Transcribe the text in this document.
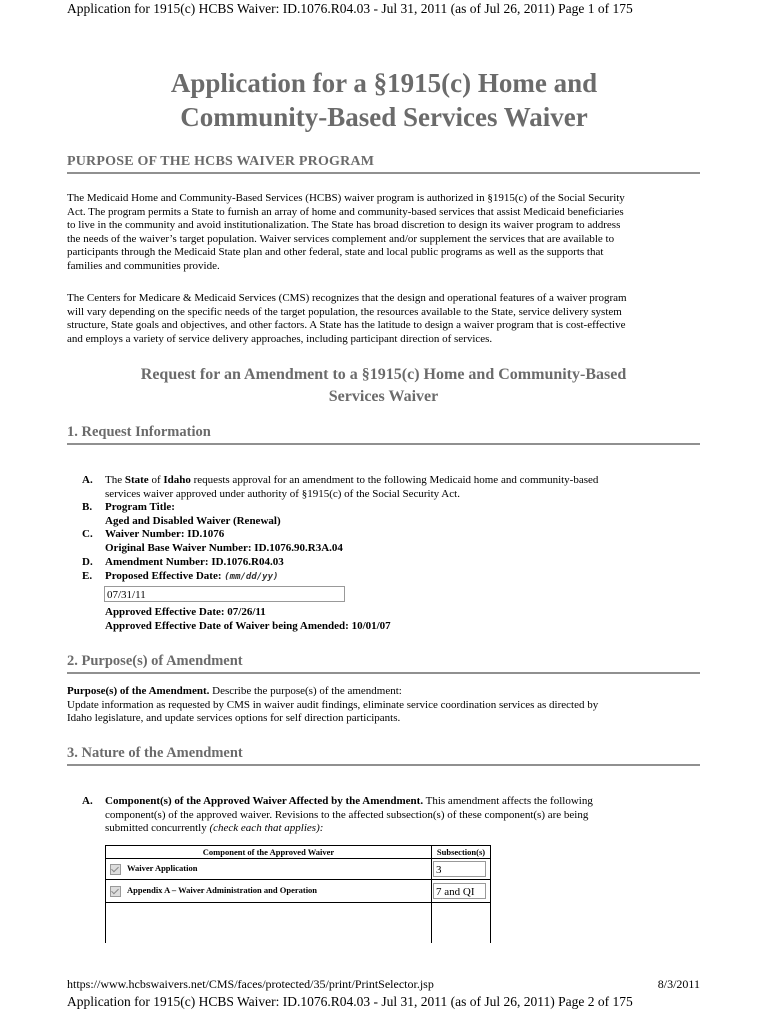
Application for 1915(c) HCBS Waiver: ID.1076.R04.03 - Jul 31, 2011 (as of Jul 26, 2011) Page 1 of 175
Application for a §1915(c) Home and
Community-Based Services Waiver
PURPOSE OF THE HCBS WAIVER PROGRAM
The Medicaid Home and Community-Based Services (HCBS) waiver program is authorized in §1915(c) of the Social Security
Act. The program permits a State to furnish an array of home and community-based services that assist Medicaid beneficiaries
to live in the community and avoid institutionalization. The State has broad discretion to design its waiver program to address
the needs of the waiver’s target population. Waiver services complement and/or supplement the services that are available to
participants through the Medicaid State plan and other federal, state and local public programs as well as the supports that
families and communities provide.
The Centers for Medicare & Medicaid Services (CMS) recognizes that the design and operational features of a waiver program
will vary depending on the specific needs of the target population, the resources available to the State, service delivery system
structure, State goals and objectives, and other factors. A State has the latitude to design a waiver program that is cost-effective
and employs a variety of service delivery approaches, including participant direction of services.
Request for an Amendment to a §1915(c) Home and Community-Based
Services Waiver
1. Request Information
A. The State of Idaho requests approval for an amendment to the following Medicaid home and community-based
services waiver approved under authority of §1915(c) of the Social Security Act.
B. Program Title:
Aged and Disabled Waiver (Renewal)
C. Waiver Number: ID.1076
Original Base Waiver Number: ID.1076.90.R3A.04
D. Amendment Number: ID.1076.R04.03
E. Proposed Effective Date: (mm/dd/yy)
07/31/11
Approved Effective Date: 07/26/11
Approved Effective Date of Waiver being Amended: 10/01/07
2. Purpose(s) of Amendment
Purpose(s) of the Amendment. Describe the purpose(s) of the amendment:
Update information as requested by CMS in waiver audit findings, eliminate service coordination services as directed by
Idaho legislature, and update services options for self direction participants.
3. Nature of the Amendment
A. Component(s) of the Approved Waiver Affected by the Amendment. This amendment affects the following
component(s) of the approved waiver. Revisions to the affected subsection(s) of these component(s) are being
submitted concurrently (check each that applies):
Component of the Approved Waiver	Subsection(s)
Waiver Application	3
Appendix A – Waiver Administration and Operation	7 and QI

https://www.hcbswaivers.net/CMS/faces/protected/35/print/PrintSelector.jsp	8/3/2011
Application for 1915(c) HCBS Waiver: ID.1076.R04.03 - Jul 31, 2011 (as of Jul 26, 2011) Page 2 of 175
